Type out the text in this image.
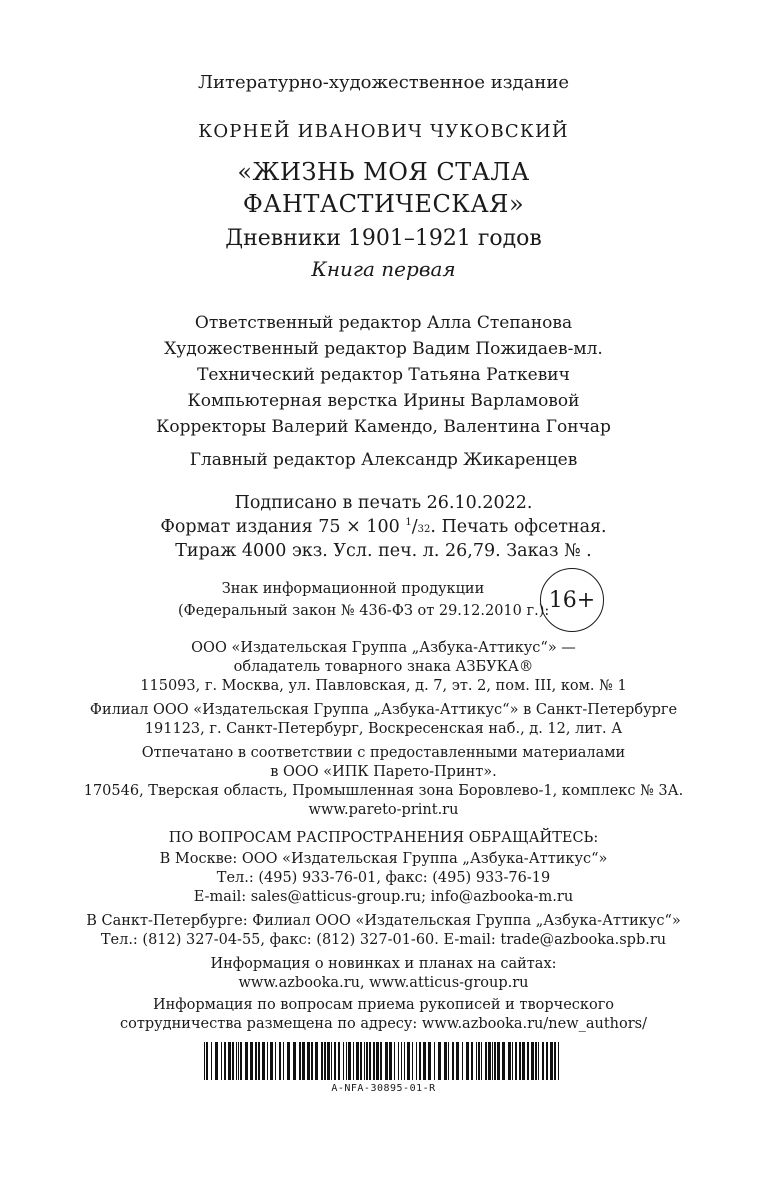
Литературно-художественное издание
КОРНЕЙ ИВАНОВИЧ ЧУКОВСКИЙ
«ЖИЗНЬ МОЯ СТАЛА
ФАНТАСТИЧЕСКАЯ»
Дневники 1901–1921 годов
Книга первая
Ответственный редактор Алла Степанова
Художественный редактор Вадим Пожидаев-мл.
Технический редактор Татьяна Раткевич
Компьютерная верстка Ирины Варламовой
Корректоры Валерий Каменд‍о, Валентина Гончар
Главный редактор Александр Жикаренцев
Подписано в печать 26.10.2022.
Формат издания 75 × 100 $^1$/32. Печать офсетная.
Тираж 4000 экз. Усл. печ. л. 26,79. Заказ № .
Знак информационной продукции
(Федеральный закон № 436-ФЗ от 29.12.2010 г.): 16+
ООО «Издательская Группа „Азбука-Аттикус“» —
обладатель товарного знака АЗБУКА®
115093, г. Москва, ул. Павловская, д. 7, эт. 2, пом. III, ком. № 1
Филиал ООО «Издательская Группа „Азбука-Аттикус“» в Санкт-Петербурге
191123, г. Санкт-Петербург, Воскресенская наб., д. 12, лит. А
Отпечатано в соответствии с предоставленными материалами
в ООО «ИПК Парето-Принт».
170546, Тверская область, Промышленная зона Боровлево-1, комплекс № 3А.
www.pareto-print.ru
ПО ВОПРОСАМ РАСПРОСТРАНЕНИЯ ОБРАЩАЙТЕСЬ:
В Москве: ООО «Издательская Группа „Азбука-Аттикус“»
Тел.: (495) 933-76-01, факс: (495) 933-76-19
E-mail: sales@atticus-group.ru; info@azbooka-m.ru
В Санкт-Петербурге: Филиал ООО «Издательская Группа „Азбука-Аттикус“»
Тел.: (812) 327-04-55, факс: (812) 327-01-60. E-mail: trade@azbooka.spb.ru
Информация о новинках и планах на сайтах:
www.azbooka.ru, www.atticus-group.ru
Информация по вопросам приема рукописей и творческого
сотрудничества размещена по адресу: www.azbooka.ru/new_authors/
A-NFA-30895-01-R
